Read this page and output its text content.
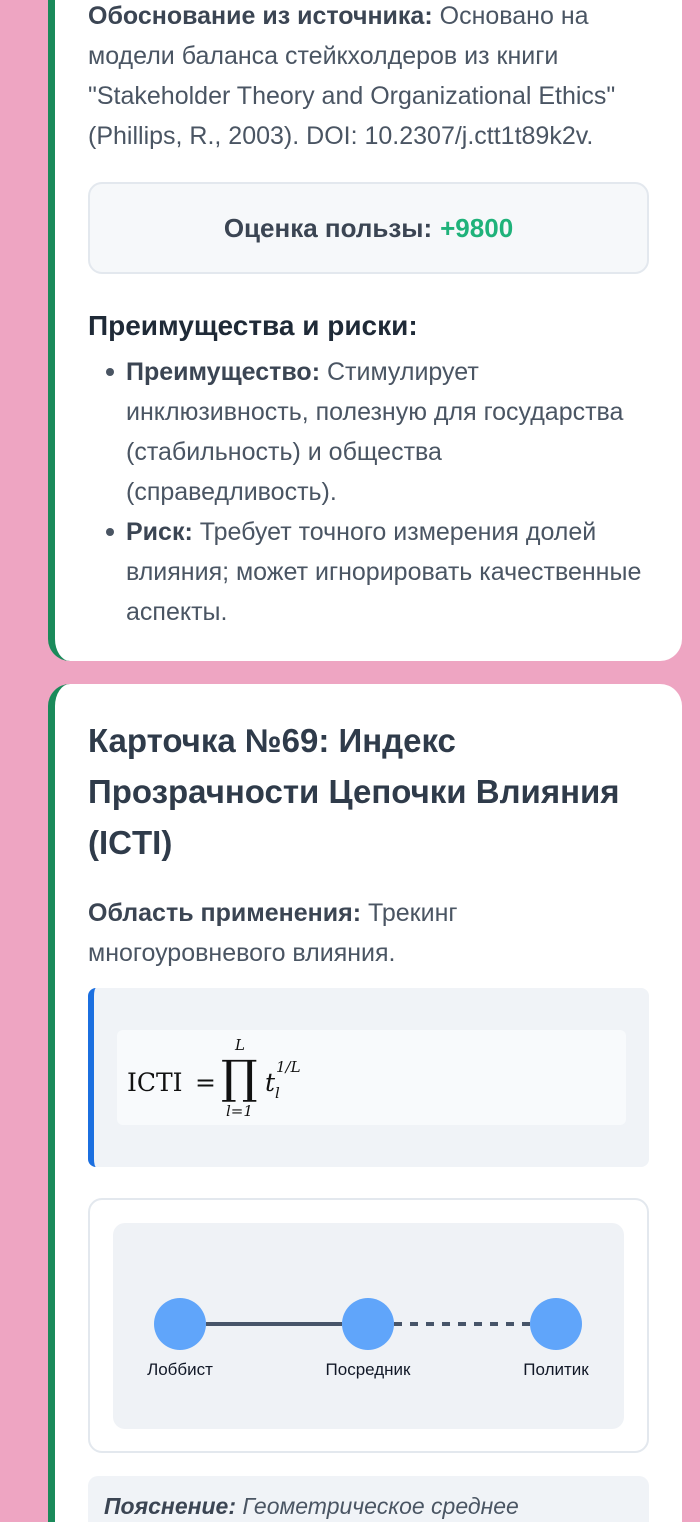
Обоснование из источника: Основано на модели баланса стейкхолдеров из книги "Stakeholder Theory and Organizational Ethics" (Phillips, R., 2003). DOI: 10.2307/j.ctt1t89k2v.

Оценка пользы: +9800
Преимущества и риски:
Преимущество: Стимулирует инклюзивность, полезную для государства (стабильность) и общества (справедливость).
Риск: Требует точного измерения долей влияния; может игнорировать качественные аспекты.
Карточка №69: Индекс Прозрачности Цепочки Влияния (ICTI)

Область применения: Трекинг многоуровневого влияния.

ICTI =
L
∏
l=1
t l
1/L
Лоббист	Посредник	Политик
Пояснение: Геометрическое среднее
